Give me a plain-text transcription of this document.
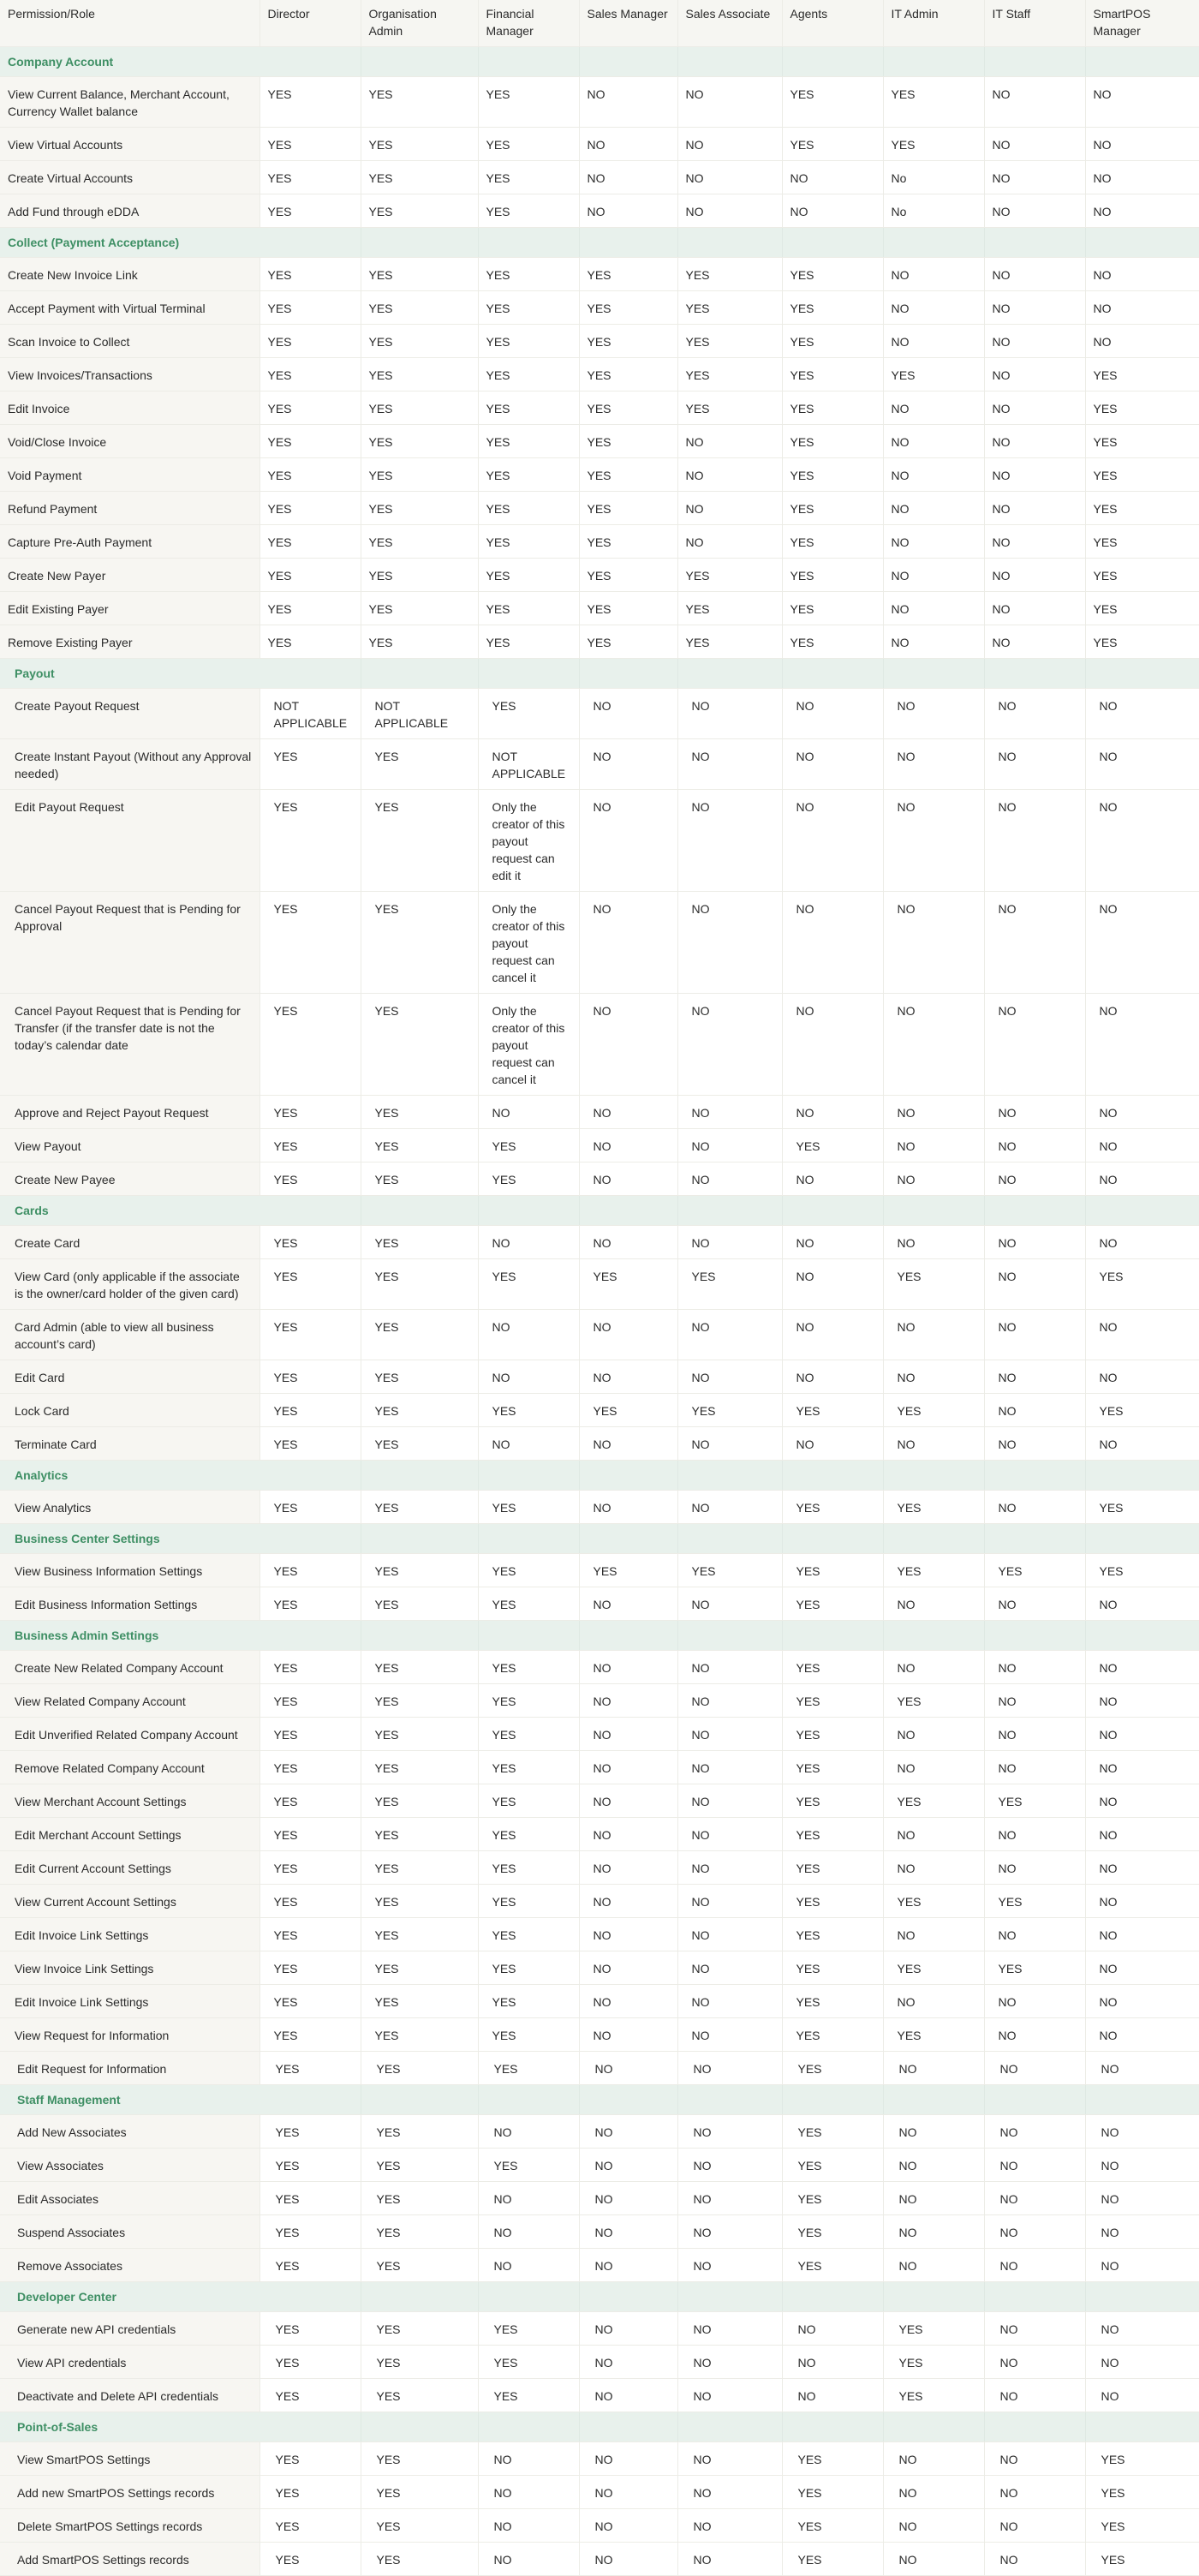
Permission/Role	Director	Organisation Admin	Financial Manager	Sales Manager	Sales Associate	Agents	IT Admin	IT Staff	SmartPOS Manager
Company Account									
View Current Balance, Merchant Account, Currency Wallet balance	YES	YES	YES	NO	NO	YES	YES	NO	NO
View Virtual Accounts	YES	YES	YES	NO	NO	YES	YES	NO	NO
Create Virtual Accounts	YES	YES	YES	NO	NO	NO	No	NO	NO
Add Fund through eDDA	YES	YES	YES	NO	NO	NO	No	NO	NO
Collect (Payment Acceptance)									
Create New Invoice Link	YES	YES	YES	YES	YES	YES	NO	NO	NO
Accept Payment with Virtual Terminal	YES	YES	YES	YES	YES	YES	NO	NO	NO
Scan Invoice to Collect	YES	YES	YES	YES	YES	YES	NO	NO	NO
View Invoices/Transactions	YES	YES	YES	YES	YES	YES	YES	NO	YES
Edit Invoice	YES	YES	YES	YES	YES	YES	NO	NO	YES
Void/Close Invoice	YES	YES	YES	YES	NO	YES	NO	NO	YES
Void Payment	YES	YES	YES	YES	NO	YES	NO	NO	YES
Refund Payment	YES	YES	YES	YES	NO	YES	NO	NO	YES
Capture Pre-Auth Payment	YES	YES	YES	YES	NO	YES	NO	NO	YES
Create New Payer	YES	YES	YES	YES	YES	YES	NO	NO	YES
Edit Existing Payer	YES	YES	YES	YES	YES	YES	NO	NO	YES
Remove Existing Payer	YES	YES	YES	YES	YES	YES	NO	NO	YES
Payout									
Create Payout Request	NOT APPLICABLE	NOT APPLICABLE	YES	NO	NO	NO	NO	NO	NO
Create Instant Payout (Without any Approval needed)	YES	YES	NOT APPLICABLE	NO	NO	NO	NO	NO	NO
Edit Payout Request	YES	YES	Only the creator of this payout request can edit it	NO	NO	NO	NO	NO	NO
Cancel Payout Request that is Pending for Approval	YES	YES	Only the creator of this payout request can cancel it	NO	NO	NO	NO	NO	NO
Cancel Payout Request that is Pending for Transfer (if the transfer date is not the today’s calendar date	YES	YES	Only the creator of this payout request can cancel it	NO	NO	NO	NO	NO	NO
Approve and Reject Payout Request	YES	YES	NO	NO	NO	NO	NO	NO	NO
View Payout	YES	YES	YES	NO	NO	YES	NO	NO	NO
Create New Payee	YES	YES	YES	NO	NO	NO	NO	NO	NO
Cards									
Create Card	YES	YES	NO	NO	NO	NO	NO	NO	NO
View Card (only applicable if the associate is the owner/card holder of the given card)	YES	YES	YES	YES	YES	NO	YES	NO	YES
Card Admin (able to view all business account’s card)	YES	YES	NO	NO	NO	NO	NO	NO	NO
Edit Card	YES	YES	NO	NO	NO	NO	NO	NO	NO
Lock Card	YES	YES	YES	YES	YES	YES	YES	NO	YES
Terminate Card	YES	YES	NO	NO	NO	NO	NO	NO	NO
Analytics									
View Analytics	YES	YES	YES	NO	NO	YES	YES	NO	YES
Business Center Settings									
View Business Information Settings	YES	YES	YES	YES	YES	YES	YES	YES	YES
Edit Business Information Settings	YES	YES	YES	NO	NO	YES	NO	NO	NO
Business Admin Settings									
Create New Related Company Account	YES	YES	YES	NO	NO	YES	NO	NO	NO
View Related Company Account	YES	YES	YES	NO	NO	YES	YES	NO	NO
Edit Unverified Related Company Account	YES	YES	YES	NO	NO	YES	NO	NO	NO
Remove Related Company Account	YES	YES	YES	NO	NO	YES	NO	NO	NO
View Merchant Account Settings	YES	YES	YES	NO	NO	YES	YES	YES	NO
Edit Merchant Account Settings	YES	YES	YES	NO	NO	YES	NO	NO	NO
Edit Current Account Settings	YES	YES	YES	NO	NO	YES	NO	NO	NO
View Current Account Settings	YES	YES	YES	NO	NO	YES	YES	YES	NO
Edit Invoice Link Settings	YES	YES	YES	NO	NO	YES	NO	NO	NO
View Invoice Link Settings	YES	YES	YES	NO	NO	YES	YES	YES	NO
Edit Invoice Link Settings	YES	YES	YES	NO	NO	YES	NO	NO	NO
View Request for Information	YES	YES	YES	NO	NO	YES	YES	NO	NO
Edit Request for Information	YES	YES	YES	NO	NO	YES	NO	NO	NO
Staff Management									
Add New Associates	YES	YES	NO	NO	NO	YES	NO	NO	NO
View Associates	YES	YES	YES	NO	NO	YES	NO	NO	NO
Edit Associates	YES	YES	NO	NO	NO	YES	NO	NO	NO
Suspend Associates	YES	YES	NO	NO	NO	YES	NO	NO	NO
Remove Associates	YES	YES	NO	NO	NO	YES	NO	NO	NO
Developer Center									
Generate new API credentials	YES	YES	YES	NO	NO	NO	YES	NO	NO
View API credentials	YES	YES	YES	NO	NO	NO	YES	NO	NO
Deactivate and Delete API credentials	YES	YES	YES	NO	NO	NO	YES	NO	NO
Point-of-Sales									
View SmartPOS Settings	YES	YES	NO	NO	NO	YES	NO	NO	YES
Add new SmartPOS Settings records	YES	YES	NO	NO	NO	YES	NO	NO	YES
Delete SmartPOS Settings records	YES	YES	NO	NO	NO	YES	NO	NO	YES
Add SmartPOS Settings records	YES	YES	NO	NO	NO	YES	NO	NO	YES
